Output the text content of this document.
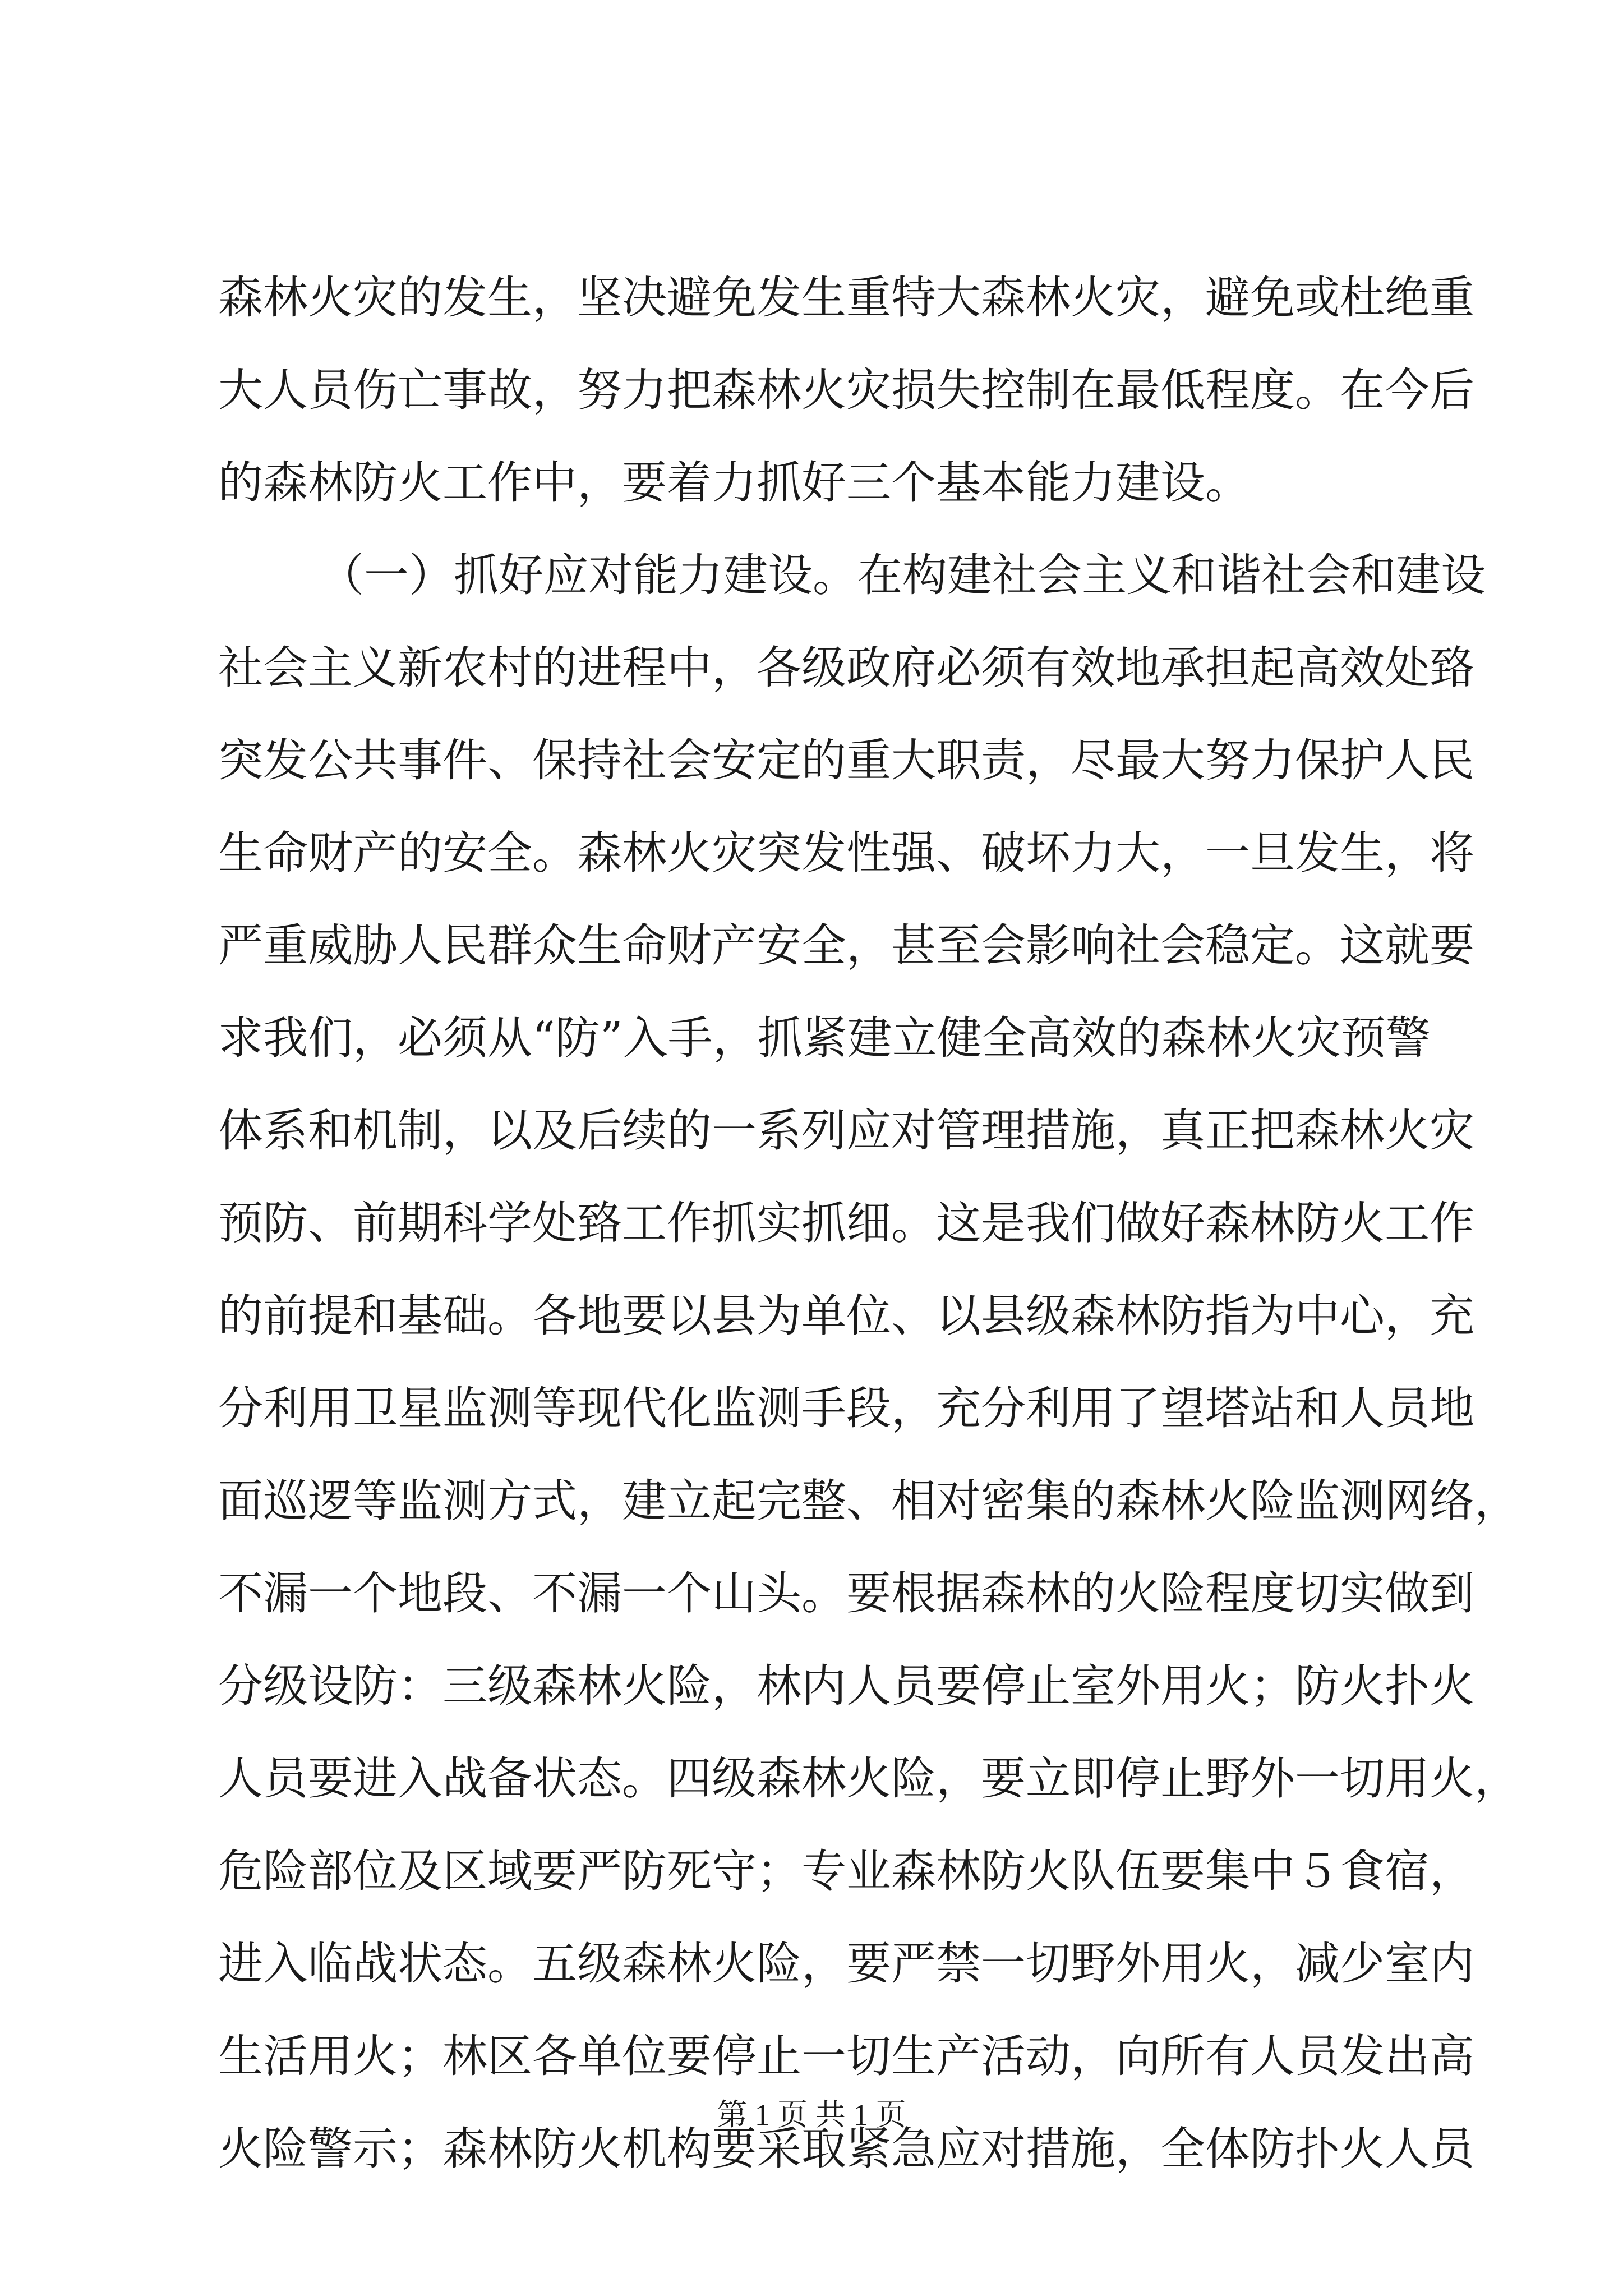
森林火灾的发生，坚决避免发生重特大森林火灾，避免或杜绝重
大人员伤亡事故，努力把森林火灾损失控制在最低程度。在今后
的森林防火工作中，要着力抓好三个基本能力建设。
（一）抓好应对能力建设。在构建社会主义和谐社会和建设
社会主义新农村的进程中，各级政府必须有效地承担起高效处臵
突发公共事件、保持社会安定的重大职责，尽最大努力保护人民
生命财产的安全。森林火灾突发性强、破坏力大，一旦发生，将
严重威胁人民群众生命财产安全，甚至会影响社会稳定。这就要
求我们，必须从“防”入手，抓紧建立健全高效的森林火灾预警
体系和机制，以及后续的一系列应对管理措施，真正把森林火灾
预防、前期科学处臵工作抓实抓细。这是我们做好森林防火工作
的前提和基础。各地要以县为单位、以县级森林防指为中心，充
分利用卫星监测等现代化监测手段，充分利用了望塔站和人员地
面巡逻等监测方式，建立起完整、相对密集的森林火险监测网络，
不漏一个地段、不漏一个山头。要根据森林的火险程度切实做到
分级设防：三级森林火险，林内人员要停止室外用火；防火扑火
人员要进入战备状态。四级森林火险，要立即停止野外一切用火，
危险部位及区域要严防死守；专业森林防火队伍要集中５食宿，
进入临战状态。五级森林火险，要严禁一切野外用火，减少室内
生活用火；林区各单位要停止一切生产活动，向所有人员发出高
火险警示；森林防火机构要采取紧急应对措施，全体防扑火人员
第 1 页 共 1 页
